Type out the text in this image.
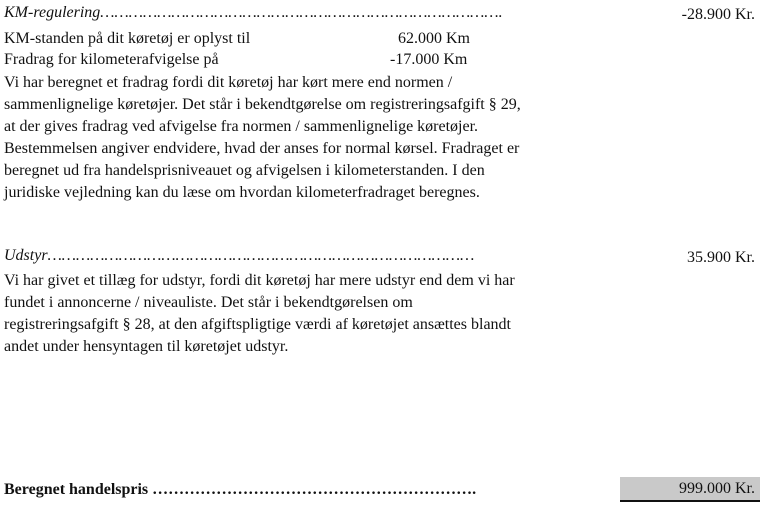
KM-regulering………………………………………………………………………….	-28.900 Kr.
KM-standen på dit køretøj er oplyst til	62.000 Km
Fradrag for kilometerafvigelse på	-17.000 Km
Vi har beregnet et fradrag fordi dit køretøj har kørt mere end normen /
sammenlignelige køretøjer. Det står i bekendtgørelse om registreringsafgift § 29,
at der gives fradrag ved afvigelse fra normen / sammenlignelige køretøjer.
Bestemmelsen angiver endvidere, hvad der anses for normal kørsel. Fradraget er
beregnet ud fra handelsprisniveauet og afvigelsen i kilometerstanden. I den
juridiske vejledning kan du læse om hvordan kilometerfradraget beregnes.
Udstyr………………………………………………………………………………	35.900 Kr.
Vi har givet et tillæg for udstyr, fordi dit køretøj har mere udstyr end dem vi har
fundet i annoncerne / niveauliste. Det står i bekendtgørelsen om
registreringsafgift § 28, at den afgiftspligtige værdi af køretøjet ansættes blandt
andet under hensyntagen til køretøjet udstyr.
Beregnet handelspris …………………………………………………….	999.000 Kr.
